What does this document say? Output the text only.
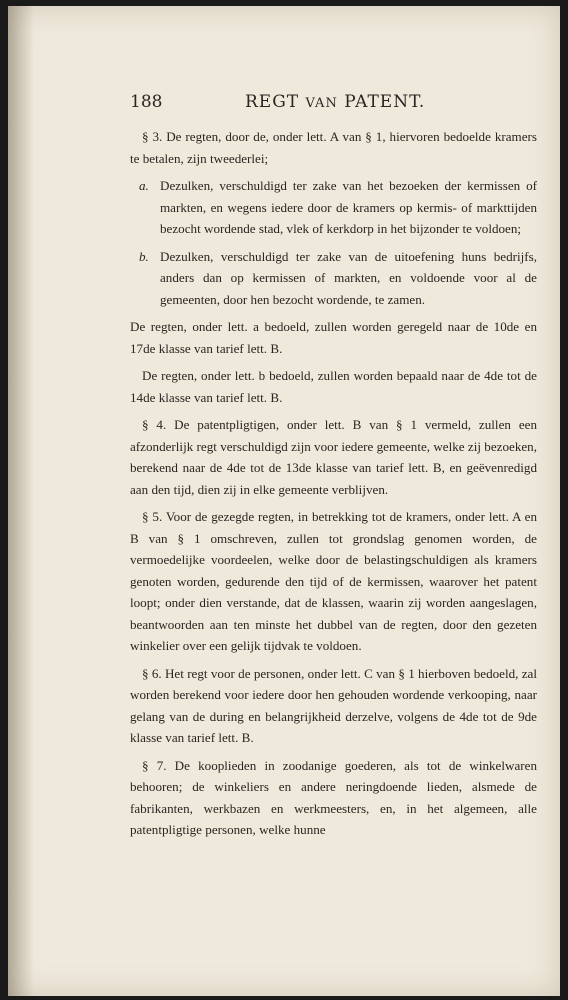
188	REGT VAN PATENT.

§ 3. De regten, door de, onder lett. A van § 1, hiervoren bedoelde kramers te betalen, zijn tweederlei;

a. Dezulken, verschuldigd ter zake van het bezoeken der kermissen of markten, en wegens iedere door de kramers op kermis- of markttijden bezocht wordende stad, vlek of kerkdorp in het bijzonder te voldoen;
b. Dezulken, verschuldigd ter zake van de uitoefening huns bedrijfs, anders dan op kermissen of markten, en voldoende voor al de gemeenten, door hen bezocht wordende, te zamen.

De regten, onder lett. a bedoeld, zullen worden geregeld naar de 10de en 17de klasse van tarief lett. B.

De regten, onder lett. b bedoeld, zullen worden bepaald naar de 4de tot de 14de klasse van tarief lett. B.

§ 4. De patentpligtigen, onder lett. B van § 1 vermeld, zullen een afzonderlijk regt verschuldigd zijn voor iedere gemeente, welke zij bezoeken, berekend naar de 4de tot de 13de klasse van tarief lett. B, en geëvenredigd aan den tijd, dien zij in elke gemeente verblijven.

§ 5. Voor de gezegde regten, in betrekking tot de kramers, onder lett. A en B van § 1 omschreven, zullen tot grondslag genomen worden, de vermoedelijke voordeelen, welke door de belastingschuldigen als kramers genoten worden, gedurende den tijd of de kermissen, waarover het patent loopt; onder dien verstande, dat de klassen, waarin zij worden aangeslagen, beantwoorden aan ten minste het dubbel van de regten, door den gezeten winkelier over een gelijk tijdvak te voldoen.

§ 6. Het regt voor de personen, onder lett. C van § 1 hierboven bedoeld, zal worden berekend voor iedere door hen gehouden wordende verkooping, naar gelang van de during en belangrijkheid derzelve, volgens de 4de tot de 9de klasse van tarief lett. B.

§ 7. De kooplieden in zoodanige goederen, als tot de winkelwaren behooren; de winkeliers en andere neringdoende lieden, alsmede de fabrikanten, werkbazen en werkmeesters, en, in het algemeen, alle patentpligtige personen, welke hunne
